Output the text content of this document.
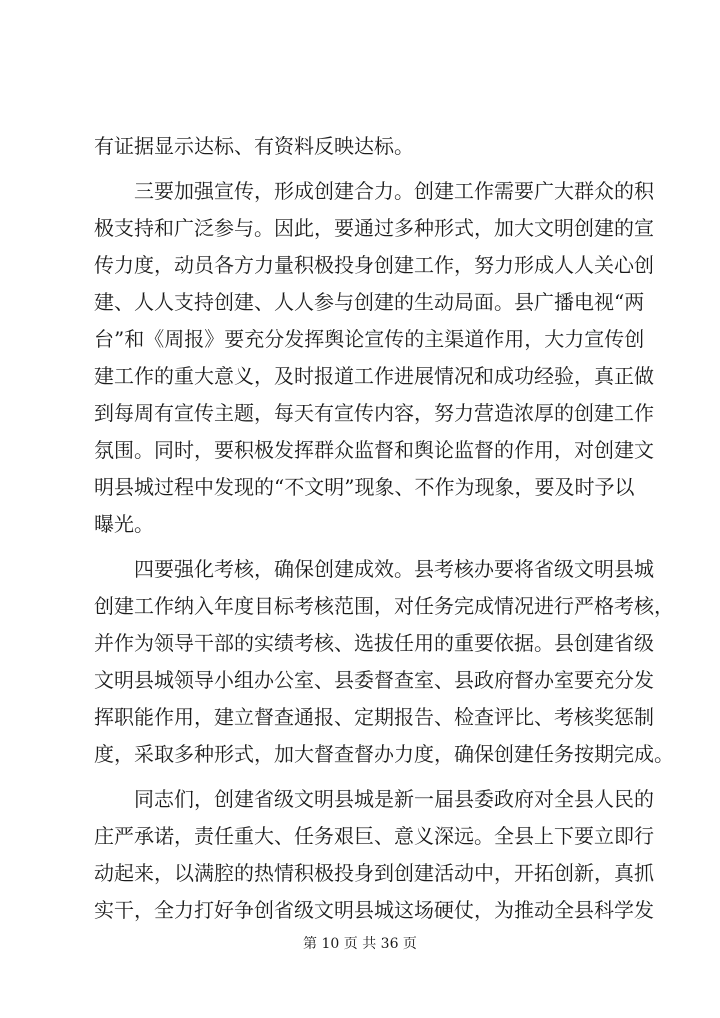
有证据显示达标、有资料反映达标。
三要加强宣传，形成创建合力。创建工作需要广大群众的积
极支持和广泛参与。因此，要通过多种形式，加大文明创建的宣
传力度，动员各方力量积极投身创建工作，努力形成人人关心创
建、人人支持创建、人人参与创建的生动局面。县广播电视“两
台”和《周报》要充分发挥舆论宣传的主渠道作用，大力宣传创
建工作的重大意义，及时报道工作进展情况和成功经验，真正做
到每周有宣传主题，每天有宣传内容，努力营造浓厚的创建工作
氛围。同时，要积极发挥群众监督和舆论监督的作用，对创建文
明县城过程中发现的“不文明”现象、不作为现象，要及时予以
曝光。
四要强化考核，确保创建成效。县考核办要将省级文明县城
创建工作纳入年度目标考核范围，对任务完成情况进行严格考核，
并作为领导干部的实绩考核、选拔任用的重要依据。县创建省级
文明县城领导小组办公室、县委督查室、县政府督办室要充分发
挥职能作用，建立督查通报、定期报告、检查评比、考核奖惩制
度，采取多种形式，加大督查督办力度，确保创建任务按期完成。
同志们，创建省级文明县城是新一届县委政府对全县人民的
庄严承诺，责任重大、任务艰巨、意义深远。全县上下要立即行
动起来，以满腔的热情积极投身到创建活动中，开拓创新，真抓
实干，全力打好争创省级文明县城这场硬仗，为推动全县科学发
第 10 页 共 36 页
